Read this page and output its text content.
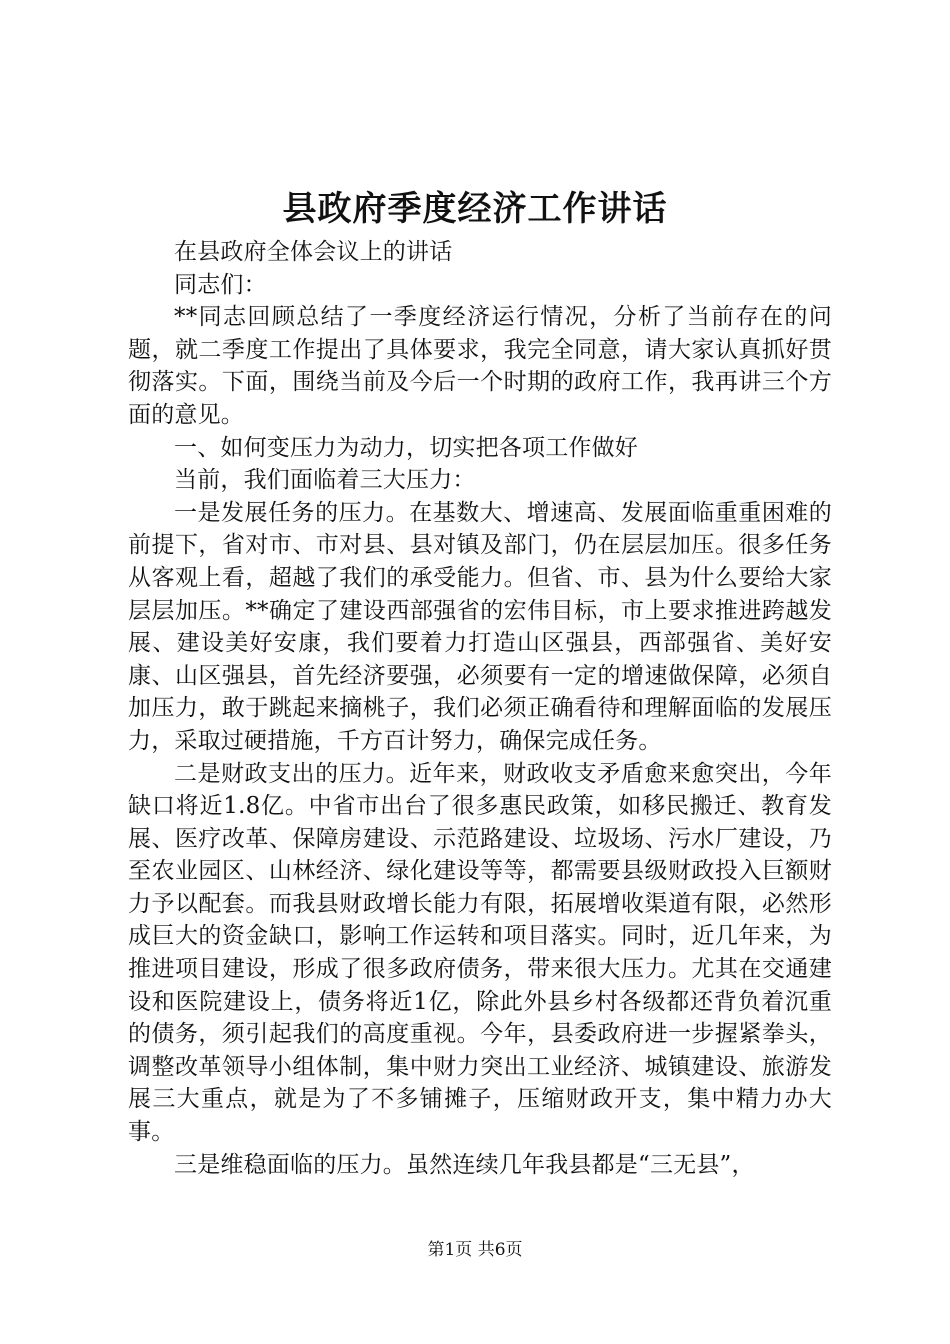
县政府季度经济工作讲话

在县政府全体会议上的讲话

同志们：

**同志回顾总结了一季度经济运行情况，分析了当前存在的问题，就二季度工作提出了具体要求，我完全同意，请大家认真抓好贯彻落实。下面，围绕当前及今后一个时期的政府工作，我再讲三个方面的意见。

一、如何变压力为动力，切实把各项工作做好

当前，我们面临着三大压力：

一是发展任务的压力。在基数大、增速高、发展面临重重困难的前提下，省对市、市对县、县对镇及部门，仍在层层加压。很多任务从客观上看，超越了我们的承受能力。但省、市、县为什么要给大家层层加压。**确定了建设西部强省的宏伟目标，市上要求推进跨越发展、建设美好安康，我们要着力打造山区强县，西部强省、美好安康、山区强县，首先经济要强，必须要有一定的增速做保障，必须自加压力，敢于跳起来摘桃子，我们必须正确看待和理解面临的发展压力，采取过硬措施，千方百计努力，确保完成任务。

二是财政支出的压力。近年来，财政收支矛盾愈来愈突出，今年缺口将近1.8亿。中省市出台了很多惠民政策，如移民搬迁、教育发展、医疗改革、保障房建设、示范路建设、垃圾场、污水厂建设，乃至农业园区、山林经济、绿化建设等等，都需要县级财政投入巨额财力予以配套。而我县财政增长能力有限，拓展增收渠道有限，必然形成巨大的资金缺口，影响工作运转和项目落实。同时，近几年来，为推进项目建设，形成了很多政府债务，带来很大压力。尤其在交通建设和医院建设上，债务将近1亿，除此外县乡村各级都还背负着沉重的债务，须引起我们的高度重视。今年，县委政府进一步握紧拳头，调整改革领导小组体制，集中财力突出工业经济、城镇建设、旅游发展三大重点，就是为了不多铺摊子，压缩财政开支，集中精力办大事。

三是维稳面临的压力。虽然连续几年我县都是“三无县”，

第1页 共6页
